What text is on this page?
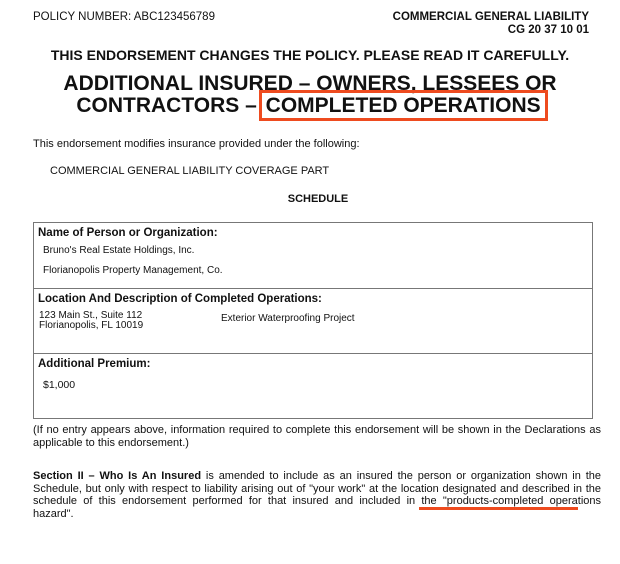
POLICY NUMBER: ABC123456789	COMMERCIAL GENERAL LIABILITY
CG 20 37 10 01
THIS ENDORSEMENT CHANGES THE POLICY. PLEASE READ IT CAREFULLY.
ADDITIONAL INSURED – OWNERS, LESSEES OR
CONTRACTORS – COMPLETED OPERATIONS
This endorsement modifies insurance provided under the following:
COMMERCIAL GENERAL LIABILITY COVERAGE PART
SCHEDULE
Name of Person or Organization:
Bruno's Real Estate Holdings, Inc.
Florianopolis Property Management, Co.
Location And Description of Completed Operations:
123 Main St., Suite 112
Florianopolis, FL 10019
Exterior Waterproofing Project
Additional Premium:
$1,000
(If no entry appears above, information required to complete this endorsement will be shown in the Declarations as applicable to this endorsement.)
Section II – Who Is An Insured is amended to include as an insured the person or organization shown in the Schedule, but only with respect to liability arising out of "your work" at the location designated and described in the schedule of this endorsement performed for that insured and included in the "products-completed operations hazard".
